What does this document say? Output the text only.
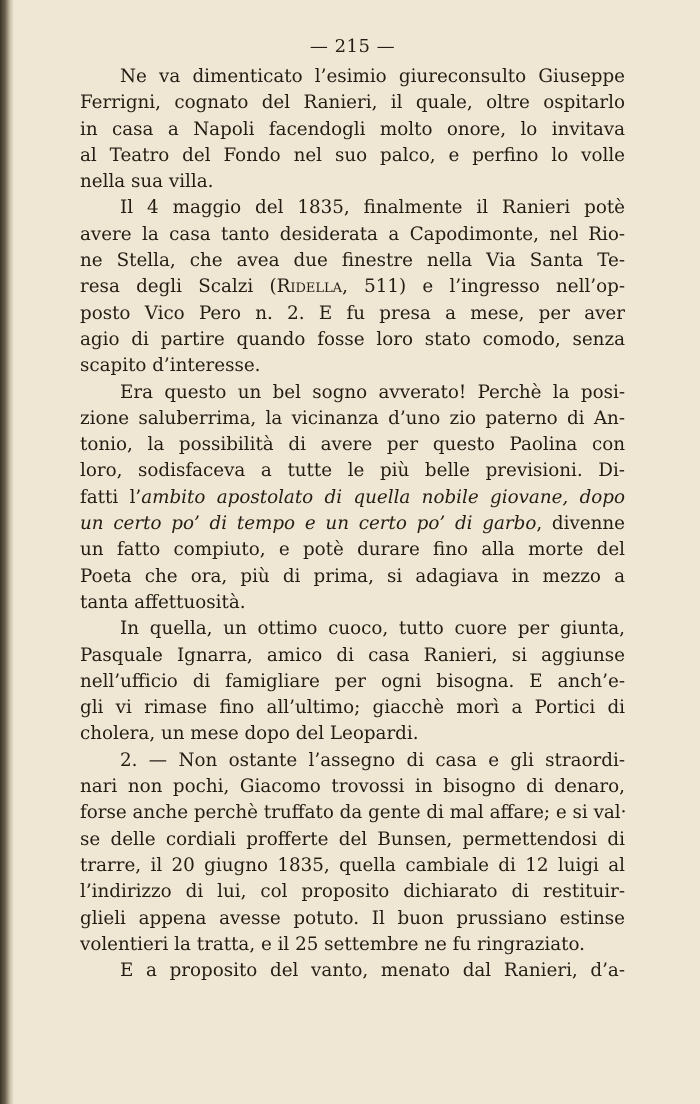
— 215 —
Ne va dimenticato l’esimio giureconsulto Giuseppe
Ferrigni, cognato del Ranieri, il quale, oltre ospitarlo
in casa a Napoli facendogli molto onore, lo invitava
al Teatro del Fondo nel suo palco, e perfino lo volle
nella sua villa.
Il 4 maggio del 1835, finalmente il Ranieri potè
avere la casa tanto desiderata a Capodimonte, nel Rio-
ne Stella, che avea due finestre nella Via Santa Te-
resa degli Scalzi (Ridella, 511) e l’ingresso nell’op-
posto Vico Pero n. 2. E fu presa a mese, per aver
agio di partire quando fosse loro stato comodo, senza
scapito d’interesse.
Era questo un bel sogno avverato! Perchè la posi-
zione saluberrima, la vicinanza d’uno zio paterno di An-
tonio, la possibilità di avere per questo Paolina con
loro, sodisfaceva a tutte le più belle previsioni. Di-
fatti l’ambito apostolato di quella nobile giovane, dopo
un certo po’ di tempo e un certo po’ di garbo, divenne
un fatto compiuto, e potè durare fino alla morte del
Poeta che ora, più di prima, si adagiava in mezzo a
tanta affettuosità.
In quella, un ottimo cuoco, tutto cuore per giunta,
Pasquale Ignarra, amico di casa Ranieri, si aggiunse
nell’ufficio di famigliare per ogni bisogna. E anch’e-
gli vi rimase fino all’ultimo; giacchè morì a Portici di
cholera, un mese dopo del Leopardi.
2. — Non ostante l’assegno di casa e gli straordi-
nari non pochi, Giacomo trovossi in bisogno di denaro,
forse anche perchè truffato da gente di mal affare; e si val·
se delle cordiali profferte del Bunsen, permettendosi di
trarre, il 20 giugno 1835, quella cambiale di 12 luigi al
l’indirizzo di lui, col proposito dichiarato di restituir-
glieli appena avesse potuto. Il buon prussiano estinse
volentieri la tratta, e il 25 settembre ne fu ringraziato.
E a proposito del vanto, menato dal Ranieri, d’a-
